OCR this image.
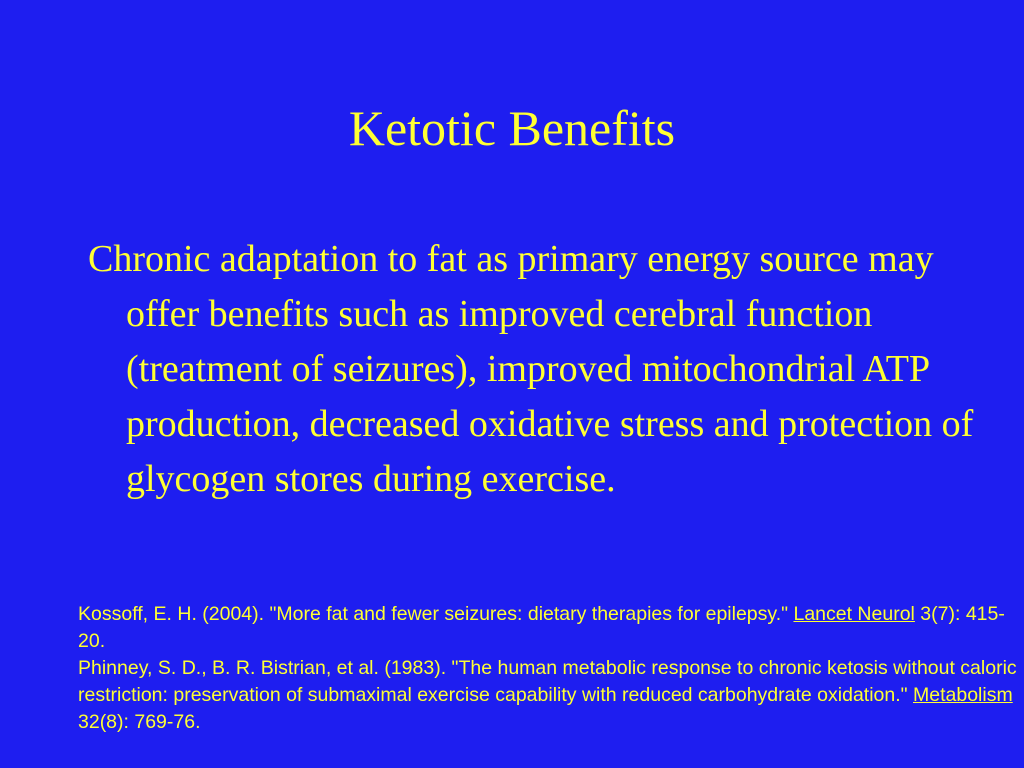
Ketotic Benefits

Chronic adaptation to fat as primary energy source may offer benefits such as improved cerebral function (treatment of seizures), improved mitochondrial ATP production, decreased oxidative stress and protection of glycogen stores during exercise.

Kossoff, E. H. (2004). "More fat and fewer seizures: dietary therapies for epilepsy." Lancet Neurol 3(7): 415-20.

Phinney, S. D., B. R. Bistrian, et al. (1983). "The human metabolic response to chronic ketosis without caloric restriction: preservation of submaximal exercise capability with reduced carbohydrate oxidation." Metabolism 32(8): 769-76.
